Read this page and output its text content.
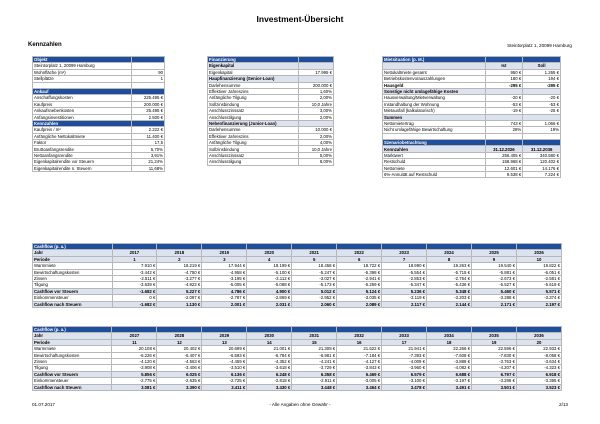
Investment-Übersicht
Kennzahlen	Steintorplatz 1, 20099 Hamburg
Objekt	
Steintorplatz 1, 20099 Hamburg	
Wohnfläche (m²)	90
Stellplätze	1

Ankauf	
Anschaffungskosten	225.495 €
Kaufpreis	200.000 €
Ankaufsnebenkosten	25.495 €
Anfangsinvestitionen	2.500 €
Kennzahlen	
Kaufpreis / m²	2.222 €
Anfängliche Nettokaltmiete	11.400 €
Faktor	17,5
Bruttoanfangsrendite	5,70%
Nettoanfangsrendite	3,91%
Eigenkapitalrendite vor Steuern	21,24%
Eigenkapitalrendite n. Steuern	11,68%
Finanzierung	
Eigenkapital	
Eigenkapital	17.995 €
Haupfinanzierung (Senior-Loan)	
Darlehensumme	200.000 €
Effektiver Jahreszins	1,60%
Anfängliche Tilgung	2,00%
Sollzinsbindung	10,0 Jahre
Anschlusszinssatz	3,00%
Anschlusstilgung	2,00%
Nebenfinanzierung (Junior-Loan)	
Darlehensumme	10.000 €
Effektiver Jahreszins	2,00%
Anfängliche Tilgung	4,00%
Sollzinsbindung	10,0 Jahre
Anschlusszinssatz	5,00%
Anschlusstilgung	8,00%
Mietsituation (p. M.)		
	Ist	Soll
Nettokaltmiete gesamt	950 €	1.265 €
Betriebskostenvorauszahlungen	180 €	194 €
Hausgeld	-295 €	-295 €
Sonstige nicht umlagefähige Kosten		
Hausverwaltung/Mietverwaltung	-20 €	-20 €
Instandhaltung der Wohnung	-53 €	-53 €
Mietausfall (kalkulatorisch)	-19 €	-25 €
Summen		
Nettomietertrag	743 €	1.066 €
Nicht umlagefähige Bewirtschaftung	28%	19%

Szenariobetrachtung		
Kennzahlen	31.12.2026	31.12.2036
Marktwert	256.405 €	340.580 €
Restschuld	158.968 €	120.402 €
Nettomiete	12.601 €	14.176 €
6%-Annuität auf Restschuld	9.538 €	7.224 €
Cashflow (p. a.)										
Jahr	2017	2018	2019	2020	2021	2022	2023	2024	2025	2026
Periode	1	2	3	4	5	6	7	8	9	10
Warmmiete	7.910 €	18.219 €	17.944 €	18.199 €	18.458 €	18.722 €	18.990 €	19.263 €	19.540 €	19.822 €
Bewirtschaftungskosten	-3.442 €	-4.750 €	-4.958 €	-5.100 €	-5.247 €	-5.398 €	-5.554 €	-5.715 €	-5.881 €	-6.051 €
Zinsen	-2.511 €	-3.277 €	-3.195 €	-3.112 €	-3.027 €	-2.941 €	-2.853 €	-2.764 €	-2.673 €	-2.581 €
Tilgung	-3.639 €	-4.923 €	-5.005 €	-5.088 €	-5.173 €	-5.259 €	-5.347 €	-5.436 €	-5.527 €	-5.619 €
Cashflow vor Steuern	-1.682 €	5.227 €	4.786 €	4.900 €	5.012 €	5.124 €	5.236 €	5.348 €	5.460 €	5.571 €
Einkommensteuer	0 €	-2.097 €	-2.787 €	-2.869 €	-2.952 €	-3.035 €	-3.119 €	-3.203 €	-3.288 €	-3.374 €
Cashflow nach Steuern	-1.682 €	1.130 €	2.001 €	2.031 €	2.060 €	2.089 €	2.117 €	2.144 €	2.171 €	2.197 €
Cashflow (p. a.)										
Jahr	2027	2028	2029	2030	2031	2032	2033	2034	2035	2036
Periode	11	12	13	14	15	16	17	18	19	20
Warmmiete	20.108 €	20.402 €	20.699 €	21.001 €	21.308 €	21.622 €	21.941 €	22.266 €	22.596 €	22.933 €
Bewirtschaftungskosten	-6.226 €	-6.407 €	-6.593 €	-6.784 €	-6.981 €	-7.184 €	-7.393 €	-7.608 €	-7.830 €	-8.058 €
Zinsen	-4.120 €	-4.563 €	-4.459 €	-4.352 €	-4.241 €	-4.127 €	-4.009 €	-3.888 €	-3.763 €	-3.634 €
Tilgung	-3.908 €	-3.406 €	-3.510 €	-3.618 €	-3.729 €	-3.843 €	-3.960 €	-4.082 €	-4.207 €	-4.323 €
Cashflow vor Steuern	5.856 €	6.025 €	6.136 €	6.248 €	6.358 €	6.469 €	6.579 €	6.688 €	6.797 €	6.918 €
Einkommensteuer	-2.775 €	-2.635 €	-2.725 €	-2.818 €	-2.911 €	-3.005 €	-3.100 €	-3.197 €	-3.296 €	-3.395 €
Cashflow nach Steuern	3.081 €	3.390 €	3.411 €	3.430 €	3.448 €	3.464 €	3.478 €	3.491 €	3.501 €	3.523 €
01.07.2017	- Alle Angaben ohne Gewähr -	2/13
